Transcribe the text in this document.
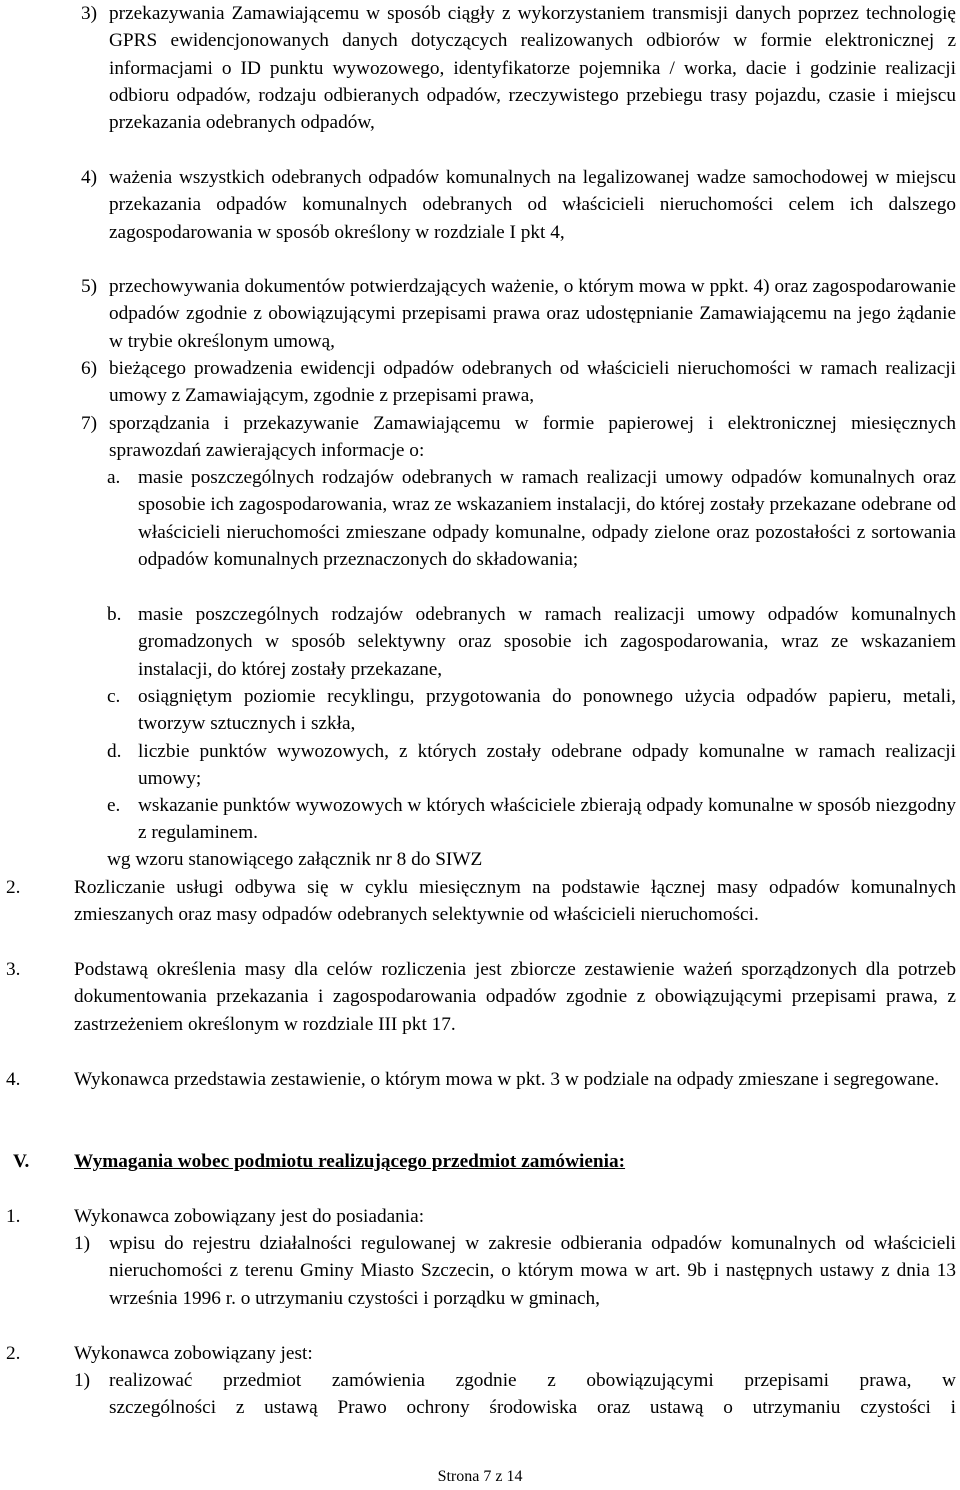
3) przekazywania Zamawiającemu w sposób ciągły z wykorzystaniem transmisji danych poprzez technologię GPRS ewidencjonowanych danych dotyczących realizowanych odbiorów w formie elektronicznej z informacjami o ID punktu wywozowego, identyfikatorze pojemnika / worka, dacie i godzinie realizacji odbioru odpadów, rodzaju odbieranych odpadów, rzeczywistego przebiegu trasy pojazdu, czasie i miejscu przekazania odebranych odpadów,
4) ważenia wszystkich odebranych odpadów komunalnych na legalizowanej wadze samochodowej w miejscu przekazania odpadów komunalnych odebranych od właścicieli nieruchomości celem ich dalszego zagospodarowania w sposób określony w rozdziale I pkt 4,
5) przechowywania dokumentów potwierdzających ważenie, o którym mowa w ppkt. 4) oraz zagospodarowanie odpadów zgodnie z obowiązującymi przepisami prawa oraz udostępnianie Zamawiającemu na jego żądanie w trybie określonym umową,
6) bieżącego prowadzenia ewidencji odpadów odebranych od właścicieli nieruchomości w ramach realizacji umowy z Zamawiającym, zgodnie z przepisami prawa,
7) sporządzania i przekazywanie Zamawiającemu w formie papierowej i elektronicznej miesięcznych sprawozdań zawierających informacje o:
a. masie poszczególnych rodzajów odebranych w ramach realizacji umowy odpadów komunalnych oraz sposobie ich zagospodarowania, wraz ze wskazaniem instalacji, do której zostały przekazane odebrane od właścicieli nieruchomości zmieszane odpady komunalne, odpady zielone oraz pozostałości z sortowania odpadów komunalnych przeznaczonych do składowania;
b. masie poszczególnych rodzajów odebranych w ramach realizacji umowy odpadów komunalnych gromadzonych w sposób selektywny oraz sposobie ich zagospodarowania, wraz ze wskazaniem instalacji, do której zostały przekazane,
c. osiągniętym poziomie recyklingu, przygotowania do ponownego użycia odpadów papieru, metali, tworzyw sztucznych i szkła,
d. liczbie punktów wywozowych, z których zostały odebrane odpady komunalne w ramach realizacji umowy;
e. wskazanie punktów wywozowych w których właściciele zbierają odpady komunalne w sposób niezgodny z regulaminem.
wg wzoru stanowiącego załącznik nr 8 do SIWZ
2.	Rozliczanie usługi odbywa się w cyklu miesięcznym na podstawie łącznej masy odpadów komunalnych zmieszanych oraz masy odpadów odebranych selektywnie od właścicieli nieruchomości.
3.	Podstawą określenia masy dla celów rozliczenia jest zbiorcze zestawienie ważeń sporządzonych dla potrzeb dokumentowania przekazania i zagospodarowania odpadów zgodnie z obowiązującymi przepisami prawa, z zastrzeżeniem określonym w rozdziale III pkt 17.
4.	Wykonawca przedstawia zestawienie, o którym mowa w pkt. 3 w podziale na odpady zmieszane i segregowane.
V. Wymagania wobec podmiotu realizującego przedmiot zamówienia:
1.	Wykonawca zobowiązany jest do posiadania:
1) wpisu do rejestru działalności regulowanej w zakresie odbierania odpadów komunalnych od właścicieli nieruchomości z terenu Gminy Miasto Szczecin, o którym mowa w art. 9b i następnych ustawy z dnia 13 września 1996 r. o utrzymaniu czystości i porządku w gminach,
2.	Wykonawca zobowiązany jest:
1) realizować przedmiot zamówienia zgodnie z obowiązującymi przepisami prawa, w
szczególności z ustawą Prawo ochrony środowiska oraz ustawą o utrzymaniu czystości i
Strona 7 z 14
